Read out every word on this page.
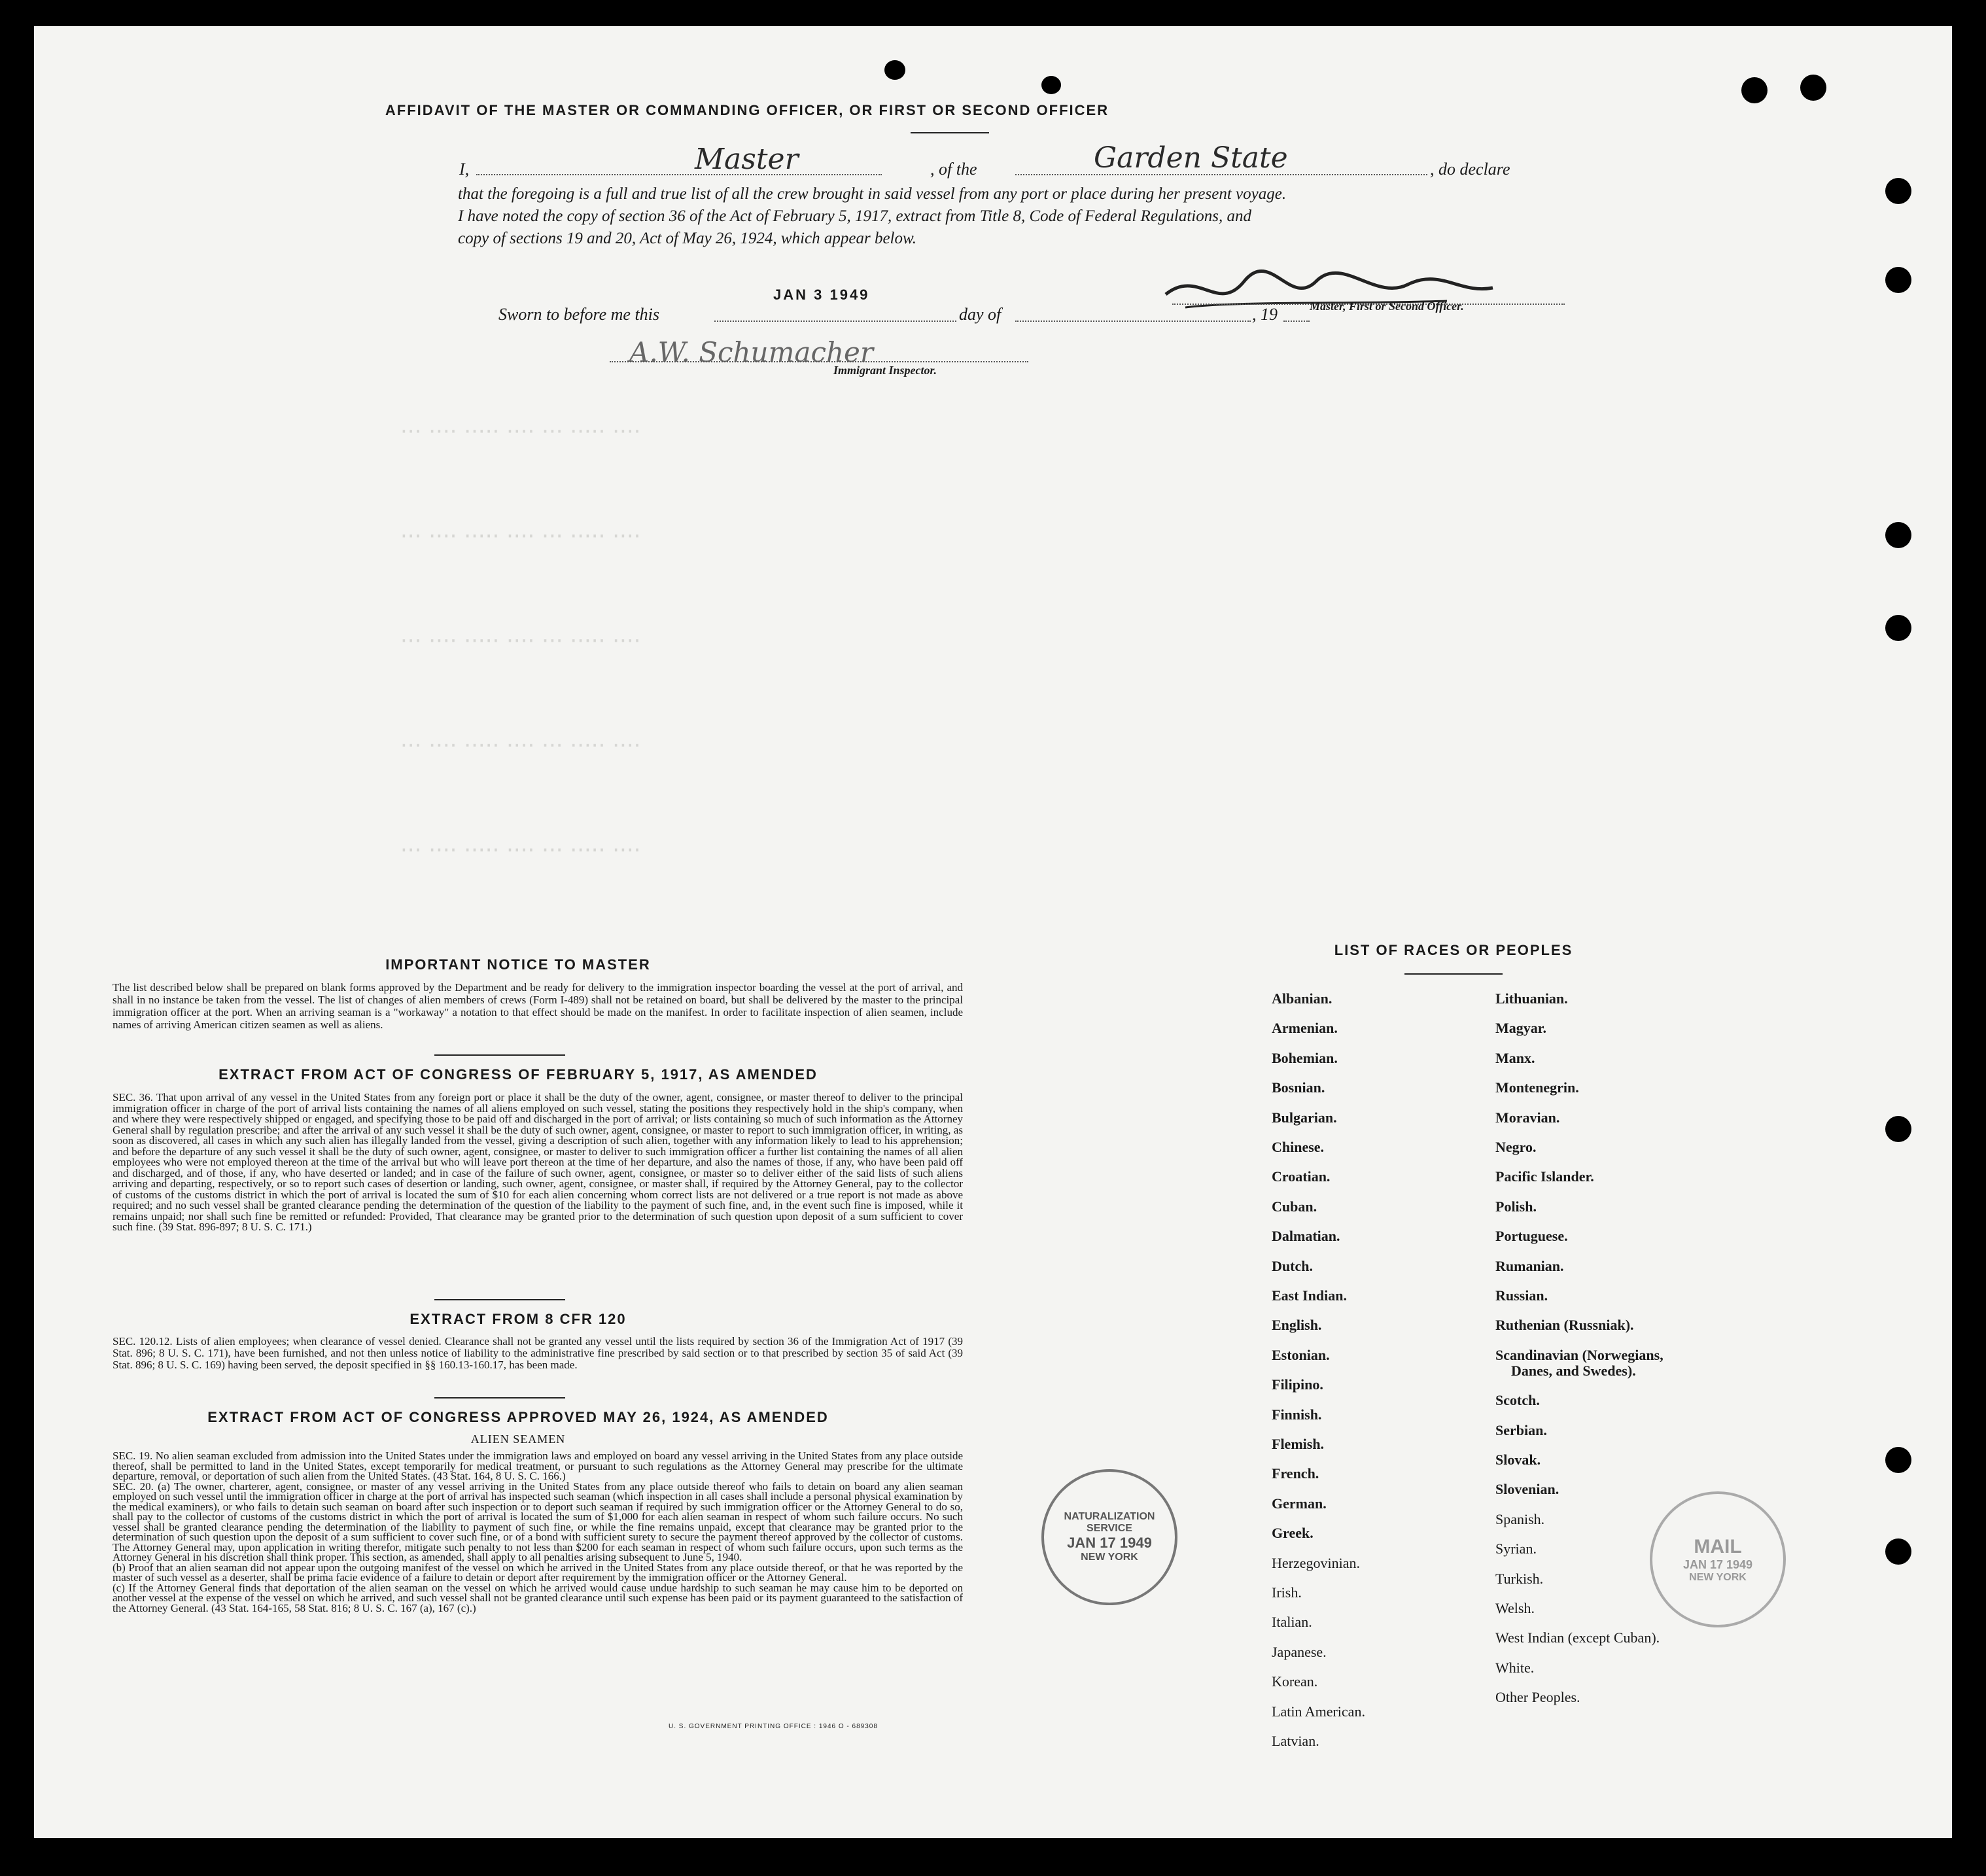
··· ···· ····· ···· ··· ····· ····
··· ···· ····· ···· ··· ····· ····
··· ···· ····· ···· ··· ····· ····
··· ···· ····· ···· ··· ····· ····
··· ···· ····· ···· ··· ····· ····
AFFIDAVIT OF THE MASTER OR COMMANDING OFFICER, OR FIRST OR SECOND OFFICER
I,	Master	, of the	Garden State	, do declare
that the foregoing is a full and true list of all the crew brought in said vessel from any port or place during her present voyage.
I have noted the copy of section 36 of the Act of February 5, 1917, extract from Title 8, Code of Federal Regulations, and
copy of sections 19 and 20, Act of May 26, 1924, which appear below.
Master, First or Second Officer.
Sworn to before me this
JAN 3 1949
day of	, 19
A.W. Schumacher
Immigrant Inspector.
IMPORTANT NOTICE TO MASTER
The list described below shall be prepared on blank forms approved by the Department and be ready for delivery to the immigration inspector boarding the vessel at the port of arrival, and shall in no instance be taken from the vessel. The list of changes of alien members of crews (Form I-489) shall not be retained on board, but shall be delivered by the master to the principal immigration officer at the port. When an arriving seaman is a "workaway" a notation to that effect should be made on the manifest. In order to facilitate inspection of alien seamen, include names of arriving American citizen seamen as well as aliens.
EXTRACT FROM ACT OF CONGRESS OF FEBRUARY 5, 1917, AS AMENDED
SEC. 36. That upon arrival of any vessel in the United States from any foreign port or place it shall be the duty of the owner, agent, consignee, or master thereof to deliver to the principal immigration officer in charge of the port of arrival lists containing the names of all aliens employed on such vessel, stating the positions they respectively hold in the ship's company, when and where they were respectively shipped or engaged, and specifying those to be paid off and discharged in the port of arrival; or lists containing so much of such information as the Attorney General shall by regulation prescribe; and after the arrival of any such vessel it shall be the duty of such owner, agent, consignee, or master to report to such immigration officer, in writing, as soon as discovered, all cases in which any such alien has illegally landed from the vessel, giving a description of such alien, together with any information likely to lead to his apprehension; and before the departure of any such vessel it shall be the duty of such owner, agent, consignee, or master to deliver to such immigration officer a further list containing the names of all alien employees who were not employed thereon at the time of the arrival but who will leave port thereon at the time of her departure, and also the names of those, if any, who have been paid off and discharged, and of those, if any, who have deserted or landed; and in case of the failure of such owner, agent, consignee, or master so to deliver either of the said lists of such aliens arriving and departing, respectively, or so to report such cases of desertion or landing, such owner, agent, consignee, or master shall, if required by the Attorney General, pay to the collector of customs of the customs district in which the port of arrival is located the sum of $10 for each alien concerning whom correct lists are not delivered or a true report is not made as above required; and no such vessel shall be granted clearance pending the determination of the question of the liability to the payment of such fine, and, in the event such fine is imposed, while it remains unpaid; nor shall such fine be remitted or refunded: Provided, That clearance may be granted prior to the determination of such question upon deposit of a sum sufficient to cover such fine. (39 Stat. 896-897; 8 U. S. C. 171.)
EXTRACT FROM 8 CFR 120
SEC. 120.12. Lists of alien employees; when clearance of vessel denied. Clearance shall not be granted any vessel until the lists required by section 36 of the Immigration Act of 1917 (39 Stat. 896; 8 U. S. C. 171), have been furnished, and not then unless notice of liability to the administrative fine prescribed by said section or to that prescribed by section 35 of said Act (39 Stat. 896; 8 U. S. C. 169) having been served, the deposit specified in §§ 160.13-160.17, has been made.
EXTRACT FROM ACT OF CONGRESS APPROVED MAY 26, 1924, AS AMENDED
ALIEN SEAMEN
SEC. 19. No alien seaman excluded from admission into the United States under the immigration laws and employed on board any vessel arriving in the United States from any place outside thereof, shall be permitted to land in the United States, except temporarily for medical treatment, or pursuant to such regulations as the Attorney General may prescribe for the ultimate departure, removal, or deportation of such alien from the United States. (43 Stat. 164, 8 U. S. C. 166.)
SEC. 20. (a) The owner, charterer, agent, consignee, or master of any vessel arriving in the United States from any place outside thereof who fails to detain on board any alien seaman employed on such vessel until the immigration officer in charge at the port of arrival has inspected such seaman (which inspection in all cases shall include a personal physical examination by the medical examiners), or who fails to detain such seaman on board after such inspection or to deport such seaman if required by such immigration officer or the Attorney General to do so, shall pay to the collector of customs of the customs district in which the port of arrival is located the sum of $1,000 for each alien seaman in respect of whom such failure occurs. No such vessel shall be granted clearance pending the determination of the liability to payment of such fine, or while the fine remains unpaid, except that clearance may be granted prior to the determination of such question upon the deposit of a sum sufficient to cover such fine, or of a bond with sufficient surety to secure the payment thereof approved by the collector of customs. The Attorney General may, upon application in writing therefor, mitigate such penalty to not less than $200 for each seaman in respect of whom such failure occurs, upon such terms as the Attorney General in his discretion shall think proper. This section, as amended, shall apply to all penalties arising subsequent to June 5, 1940.
(b) Proof that an alien seaman did not appear upon the outgoing manifest of the vessel on which he arrived in the United States from any place outside thereof, or that he was reported by the master of such vessel as a deserter, shall be prima facie evidence of a failure to detain or deport after requirement by the immigration officer or the Attorney General.
(c) If the Attorney General finds that deportation of the alien seaman on the vessel on which he arrived would cause undue hardship to such seaman he may cause him to be deported on another vessel at the expense of the vessel on which he arrived, and such vessel shall not be granted clearance until such expense has been paid or its payment guaranteed to the satisfaction of the Attorney General. (43 Stat. 164-165, 58 Stat. 816; 8 U. S. C. 167 (a), 167 (c).)
U. S. GOVERNMENT PRINTING OFFICE : 1946 O - 689308
LIST OF RACES OR PEOPLES
Albanian.
Armenian.
Bohemian.
Bosnian.
Bulgarian.
Chinese.
Croatian.
Cuban.
Dalmatian.
Dutch.
East Indian.
English.
Estonian.
Filipino.
Finnish.
Flemish.
French.
German.
Greek.
Herzegovinian.
Irish.
Italian.
Japanese.
Korean.
Latin American.
Latvian.
Lithuanian.
Magyar.
Manx.
Montenegrin.
Moravian.
Negro.
Pacific Islander.
Polish.
Portuguese.
Rumanian.
Russian.
Ruthenian (Russniak).
Scandinavian (Norwegians,
Danes, and Swedes).
Scotch.
Serbian.
Slovak.
Slovenian.
Spanish.
Syrian.
Turkish.
Welsh.
West Indian (except Cuban).
White.
Other Peoples.
NATURALIZATION SERVICE
JAN 17 1949
NEW YORK	MAIL
JAN 17 1949
NEW YORK
